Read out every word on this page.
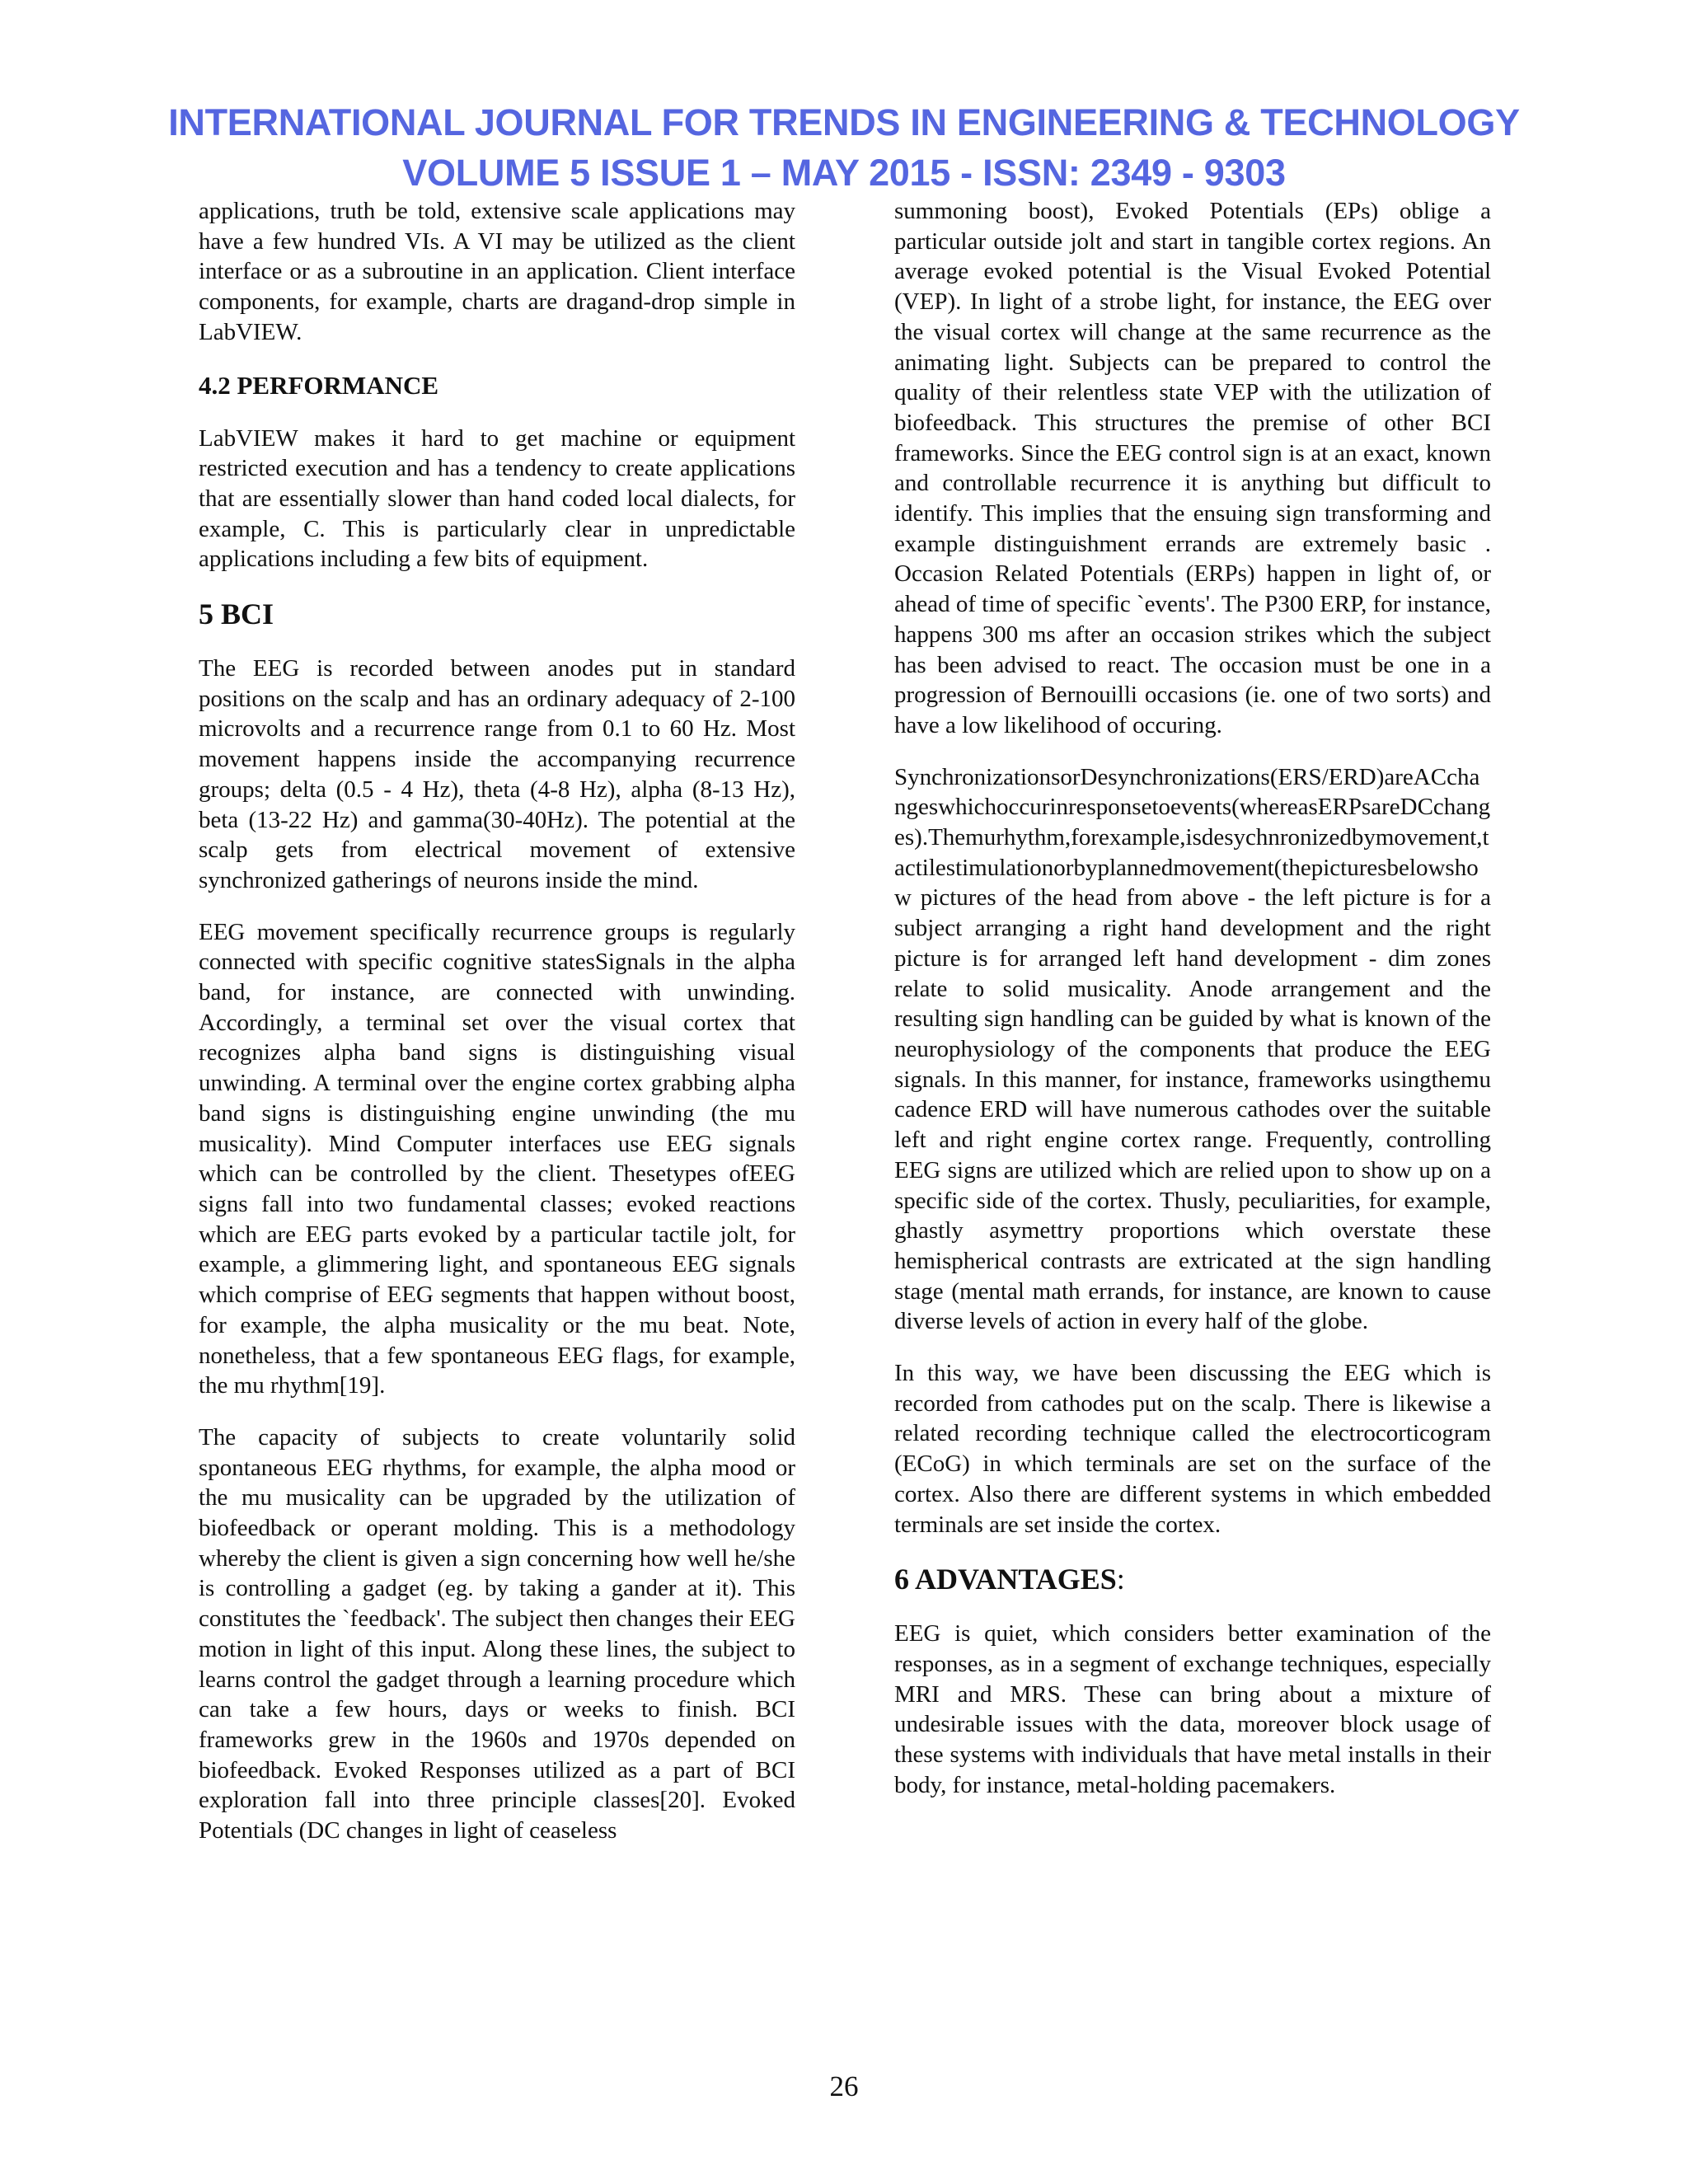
INTERNATIONAL JOURNAL FOR TRENDS IN ENGINEERING & TECHNOLOGY
VOLUME 5 ISSUE 1 – MAY 2015 - ISSN: 2349 - 9303

applications, truth be told, extensive scale applications may have a few hundred VIs. A VI may be utilized as the client interface or as a subroutine in an application. Client interface components, for example, charts are dragand-drop simple in LabVIEW.

4.2 PERFORMANCE

LabVIEW makes it hard to get machine or equipment restricted execution and has a tendency to create applications that are essentially slower than hand coded local dialects, for example, C. This is particularly clear in unpredictable applications including a few bits of equipment.

5 BCI

The EEG is recorded between anodes put in standard positions on the scalp and has an ordinary adequacy of 2-100 microvolts and a recurrence range from 0.1 to 60 Hz. Most movement happens inside the accompanying recurrence groups; delta (0.5 - 4 Hz), theta (4-8 Hz), alpha (8-13 Hz), beta (13-22 Hz) and gamma(30-40Hz). The potential at the scalp gets from electrical movement of extensive synchronized gatherings of neurons inside the mind.

EEG movement specifically recurrence groups is regularly connected with specific cognitive statesSignals in the alpha band, for instance, are connected with unwinding. Accordingly, a terminal set over the visual cortex that recognizes alpha band signs is distinguishing visual unwinding. A terminal over the engine cortex grabbing alpha band signs is distinguishing engine unwinding (the mu musicality). Mind Computer interfaces use EEG signals which can be controlled by the client. Thesetypes ofEEG signs fall into two fundamental classes; evoked reactions which are EEG parts evoked by a particular tactile jolt, for example, a glimmering light, and spontaneous EEG signals which comprise of EEG segments that happen without boost, for example, the alpha musicality or the mu beat. Note, nonetheless, that a few spontaneous EEG flags, for example, the mu rhythm[19].

The capacity of subjects to create voluntarily solid spontaneous EEG rhythms, for example, the alpha mood or the mu musicality can be upgraded by the utilization of biofeedback or operant molding. This is a methodology whereby the client is given a sign concerning how well he/she is controlling a gadget (eg. by taking a gander at it). This constitutes the `feedback'. The subject then changes their EEG motion in light of this input. Along these lines, the subject to learns control the gadget through a learning procedure which can take a few hours, days or weeks to finish. BCI frameworks grew in the 1960s and 1970s depended on biofeedback. Evoked Responses utilized as a part of BCI exploration fall into three principle classes[20]. Evoked Potentials (DC changes in light of ceaseless

summoning boost), Evoked Potentials (EPs) oblige a particular outside jolt and start in tangible cortex regions. An average evoked potential is the Visual Evoked Potential (VEP). In light of a strobe light, for instance, the EEG over the visual cortex will change at the same recurrence as the animating light. Subjects can be prepared to control the quality of their relentless state VEP with the utilization of biofeedback. This structures the premise of other BCI frameworks. Since the EEG control sign is at an exact, known and controllable recurrence it is anything but difficult to identify. This implies that the ensuing sign transforming and example distinguishment errands are extremely basic . Occasion Related Potentials (ERPs) happen in light of, or ahead of time of specific `events'. The P300 ERP, for instance, happens 300 ms after an occasion strikes which the subject has been advised to react. The occasion must be one in a progression of Bernouilli occasions (ie. one of two sorts) and have a low likelihood of occuring.

SynchronizationsorDesynchronizations(ERS/ERD)areACchangeswhichoccurinresponsetoevents(whereasERPsareDCchanges).Themurhythm,forexample,isdesychnronizedbymovement,tactilestimulationorbyplannedmovement(thepicturesbelowshow pictures of the head from above - the left picture is for a subject arranging a right hand development and the right picture is for arranged left hand development - dim zones relate to solid musicality. Anode arrangement and the resulting sign handling can be guided by what is known of the neurophysiology of the components that produce the EEG signals. In this manner, for instance, frameworks usingthemu cadence ERD will have numerous cathodes over the suitable left and right engine cortex range. Frequently, controlling EEG signs are utilized which are relied upon to show up on a specific side of the cortex. Thusly, peculiarities, for example, ghastly asymettry proportions which overstate these hemispherical contrasts are extricated at the sign handling stage (mental math errands, for instance, are known to cause diverse levels of action in every half of the globe.

In this way, we have been discussing the EEG which is recorded from cathodes put on the scalp. There is likewise a related recording technique called the electrocorticogram (ECoG) in which terminals are set on the surface of the cortex. Also there are different systems in which embedded terminals are set inside the cortex.

6 ADVANTAGES:

EEG is quiet, which considers better examination of the responses, as in a segment of exchange techniques, especially MRI and MRS. These can bring about a mixture of undesirable issues with the data, moreover block usage of these systems with individuals that have metal installs in their body, for instance, metal-holding pacemakers.

26
